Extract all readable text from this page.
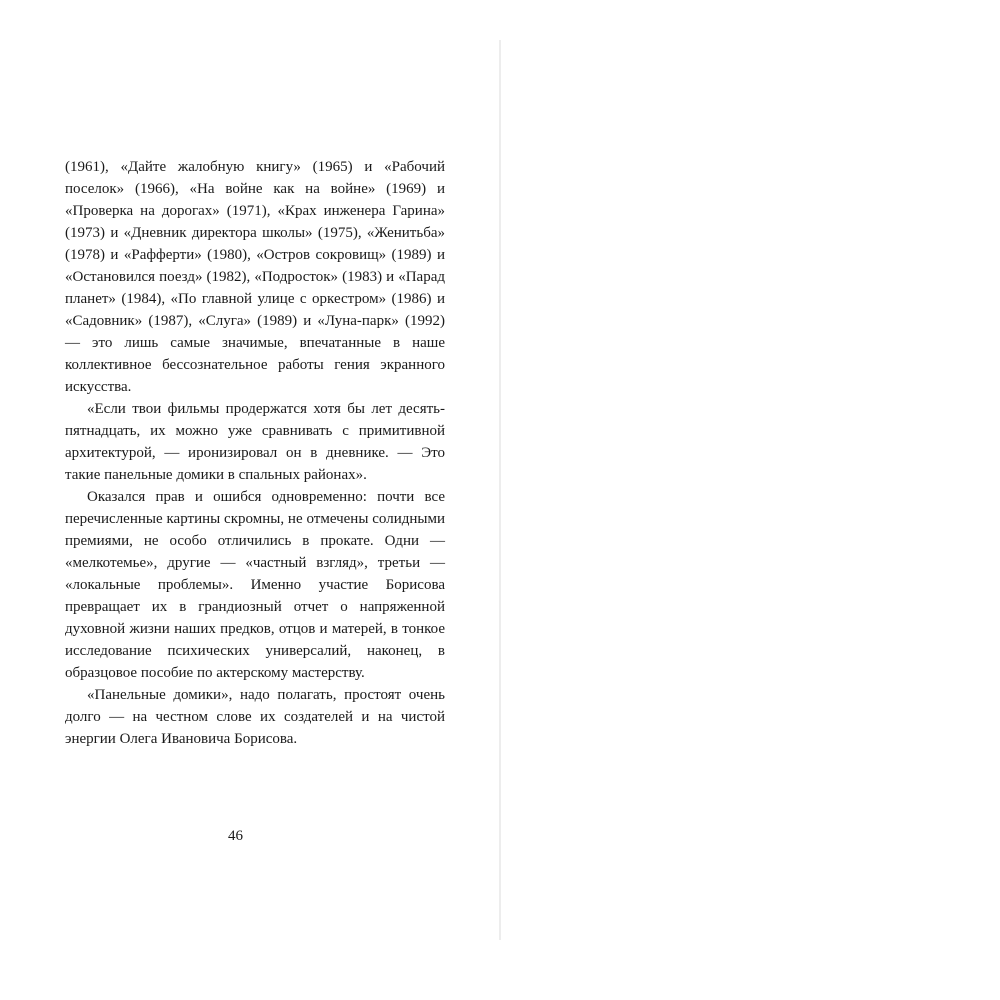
(1961), «Дайте жалобную книгу» (1965) и «Рабочий поселок» (1966), «На войне как на войне» (1969) и «Проверка на дорогах» (1971), «Крах инженера Гарина» (1973) и «Дневник директора школы» (1975), «Женитьба» (1978) и «Рафферти» (1980), «Остров сокровищ» (1989) и «Остановился поезд» (1982), «Подросток» (1983) и «Парад планет» (1984), «По главной улице с оркестром» (1986) и «Садовник» (1987), «Слуга» (1989) и «Луна-парк» (1992) — это лишь самые значимые, впечатанные в наше коллективное бессознательное работы гения экранного искусства.

«Если твои фильмы продержатся хотя бы лет десять-пятнадцать, их можно уже сравнивать с примитивной архитектурой, — иронизировал он в дневнике. — Это такие панельные домики в спальных районах».

Оказался прав и ошибся одновременно: почти все перечисленные картины скромны, не отмечены солидными премиями, не особо отличились в прокате. Одни — «мелкотемье», другие — «частный взгляд», третьи — «локальные проблемы». Именно участие Борисова превращает их в грандиозный отчет о напряженной духовной жизни наших предков, отцов и матерей, в тонкое исследование психических универсалий, наконец, в образцовое пособие по актерскому мастерству.

«Панельные домики», надо полагать, простоят очень долго — на честном слове их создателей и на чистой энергии Олега Ивановича Борисова.

46
